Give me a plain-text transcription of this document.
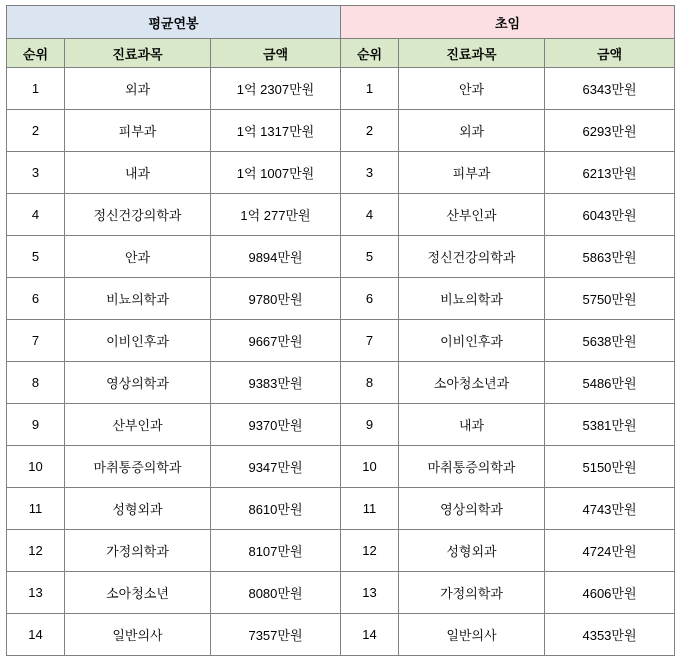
평균연봉			초임		
순위	진료과목	금액	순위	진료과목	금액
1	외과	1억 2307만원	1	안과	6343만원
2	피부과	1억 1317만원	2	외과	6293만원
3	내과	1억 1007만원	3	피부과	6213만원
4	정신건강의학과	1억 277만원	4	산부인과	6043만원
5	안과	9894만원	5	정신건강의학과	5863만원
6	비뇨의학과	9780만원	6	비뇨의학과	5750만원
7	이비인후과	9667만원	7	이비인후과	5638만원
8	영상의학과	9383만원	8	소아청소년과	5486만원
9	산부인과	9370만원	9	내과	5381만원
10	마취통증의학과	9347만원	10	마취통증의학과	5150만원
11	성형외과	8610만원	11	영상의학과	4743만원
12	가정의학과	8107만원	12	성형외과	4724만원
13	소아청소년	8080만원	13	가정의학과	4606만원
14	일반의사	7357만원	14	일반의사	4353만원
